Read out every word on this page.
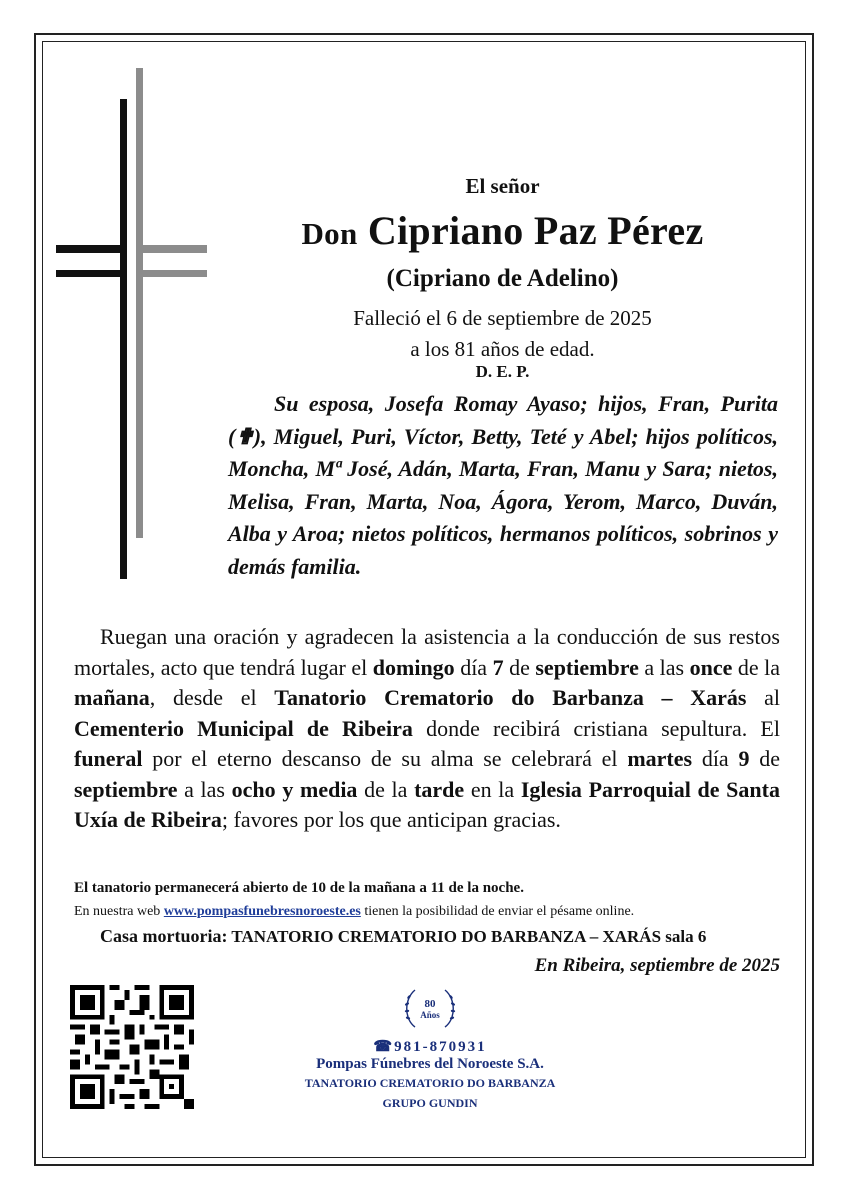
El señor
Don Cipriano Paz Pérez
(Cipriano de Adelino)
Falleció el 6 de septiembre de 2025
a los 81 años de edad.
D. E. P.

Su esposa, Josefa Romay Ayaso; hijos, Fran, Purita (✟), Miguel, Puri, Víctor, Betty, Teté y Abel; hijos políticos, Moncha, Mª José, Adán, Marta, Fran, Manu y Sara; nietos, Melisa, Fran, Marta, Noa, Ágora, Yerom, Marco, Duván, Alba y Aroa; nietos políticos, hermanos políticos, sobrinos y demás familia.

Ruegan una oración y agradecen la asistencia a la conducción de sus restos mortales, acto que tendrá lugar el domingo día 7 de septiembre a las once de la mañana, desde el Tanatorio Crematorio do Barbanza – Xarás al Cementerio Municipal de Ribeira donde recibirá cristiana sepultura. El funeral por el eterno descanso de su alma se celebrará el martes día 9 de septiembre a las ocho y media de la tarde en la Iglesia Parroquial de Santa Uxía de Ribeira; favores por los que anticipan gracias.

El tanatorio permanecerá abierto de 10 de la mañana a 11 de la noche.
En nuestra web www.pompasfunebresnoroeste.es tienen la posibilidad de enviar el pésame online.
Casa mortuoria: TANATORIO CREMATORIO DO BARBANZA – XARÁS sala 6
En Ribeira, septiembre de 2025
80
Años
☎981-870931
Pompas Fúnebres del Noroeste S.A.
TANATORIO CREMATORIO DO BARBANZA
GRUPO GUNDIN
